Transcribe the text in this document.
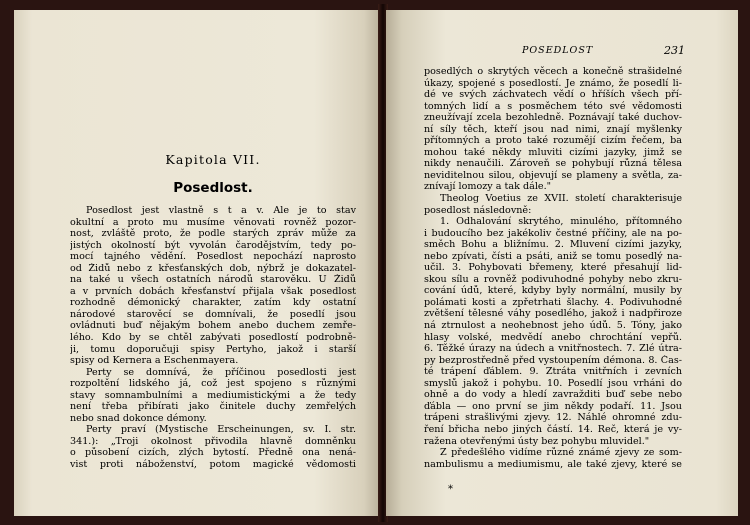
Kapitola VII.
Posedlost.
Posedlost jest vlastně s t a v. Ale je to stav
okultní a proto mu musíme věnovati rovněž pozor-
nost, zvláště proto, že podle starých zpráv může za
jistých okolností být vyvolán čarodějstvím, tedy po-
mocí tajného vědění. Posedlost nepochází naprosto
od Židů nebo z křesťanských dob, nýbrž je dokazatel-
na také u všech ostatních národů starověku. U Židů
a v prvních dobách křesťanství přijala však posedlost
rozhodně démonický charakter, zatím kdy ostatní
národové starověcí se domnívali, že posedlí jsou
ovládnuti buď nějakým bohem anebo duchem zemře-
lého. Kdo by se chtěl zabývati posedlostí podrobně-
ji, tomu doporučuji spisy Pertyho, jakož i starší
spisy od Kernera a Eschenmayera.
Perty se domnívá, že příčinou posedlosti jest
rozpoltění lidského já, což jest spojeno s různými
stavy somnambulními a mediumistickými a že tedy
není třeba přibírati jako činitele duchy zemřelých
nebo snad dokonce démony.
Perty praví (Mystische Erscheinungen, sv. I. str.
341.): „Troji okolnost přivodila hlavně domněnku
o působení cizích, zlých bytostí. Předně ona nená-
vist proti náboženství, potom magické vědomosti
POSEDLOST	231
posedlých o skrytých věcech a konečně strašidelné
úkazy, spojené s posedlostí. Je známo, že posedlí li-
dé ve svých záchvatech vědí o hříších všech pří-
tomných lidí a s posměchem této své vědomosti
zneužívají zcela bezohledně. Poznávají také duchov-
ní síly těch, kteří jsou nad nimi, znají myšlenky
přítomných a proto také rozumějí cizím řečem, ba
mohou také někdy mluviti cizími jazyky, jimž se
nikdy nenaučili. Zároveň se pohybují různá tělesa
neviditelnou silou, objevují se plameny a světla, za-
znívají lomozy a tak dále."
Theolog Voetius ze XVII. století charakterisuje
posedlost následovně:
1. Odhalování skrytého, minulého, přítomného
i budoucího bez jakékoliv čestné příčiny, ale na po-
směch Bohu a bližnímu. 2. Mluvení cizími jazyky,
nebo zpívati, čísti a psáti, aniž se tomu posedlý na-
učil. 3. Pohybovati břemeny, které přesahují lid-
skou sílu a rovněž podivuhodné pohyby nebo zkru-
cování údů, které, kdyby byly normální, musily by
polámati kosti a zpřetrhati šlachy. 4. Podivuhodné
zvětšení tělesné váhy posedlého, jakož i nadpřiroze
ná ztrnulost a neohebnost jeho údů. 5. Tóny, jako
hlasy volské, medvědí anebo chrochtání vepřů.
6. Těžké úrazy na údech a vnitřnostech. 7. Zlé útra-
py bezprostředně před vystoupením démona. 8. Čas-
té trápení ďáblem. 9. Ztráta vnitřních i zevních
smyslů jakož i pohybu. 10. Posedlí jsou vrháni do
ohně a do vody a hledí zavražditi buď sebe nebo
ďábla — ono první se jim někdy podaří. 11. Jsou
trápeni strašlivými zjevy. 12. Náhlé ohromné zdu-
ření břicha nebo jiných částí. 14. Reč, která je vy-
ražena otevřenými ústy bez pohybu mluvidel."
Z předešlého vidíme různé známé zjevy ze som-
nambulismu a mediumismu, ale také zjevy, které se
*
